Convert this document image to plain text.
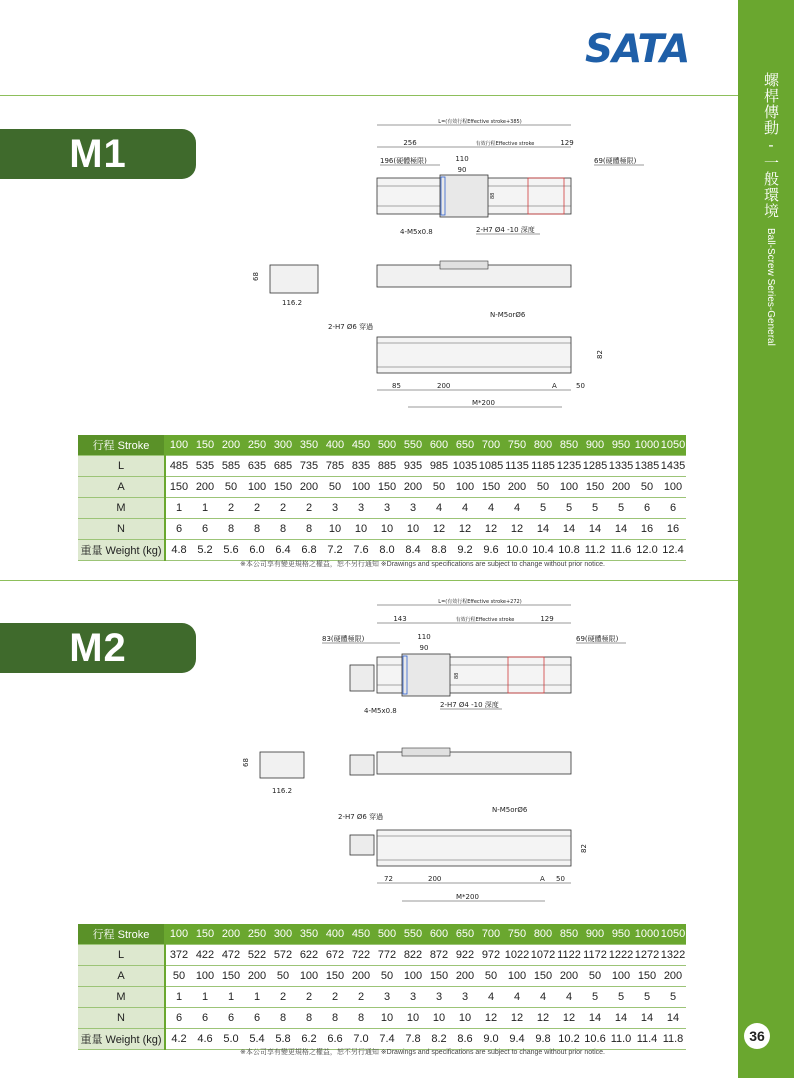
螺桿傳動-一般環境
Ball-Screw Series-General
36
SATA
M1
L=(有效行程Effective stroke+385)
256	有效行程Effective stroke	129
196(硬體極限)	69(硬體極限)
110
90
88
4-M5x0.8	2-H7 Ø4 -10 深度
68
116.2
N-M5orØ6
2-H7 Ø6 穿過
82
85	200	A	50
M*200
行程 Stroke	100	150	200	250	300	350	400	450	500	550	600	650	700	750	800	850	900	950	1000	1050
L	485	535	585	635	685	735	785	835	885	935	985	1035	1085	1135	1185	1235	1285	1335	1385	1435
A	150	200	50	100	150	200	50	100	150	200	50	100	150	200	50	100	150	200	50	100
M	1	1	2	2	2	2	3	3	3	3	4	4	4	4	5	5	5	5	6	6
N	6	6	8	8	8	8	10	10	10	10	12	12	12	12	14	14	14	14	16	16
重量 Weight (kg)	4.8	5.2	5.6	6.0	6.4	6.8	7.2	7.6	8.0	8.4	8.8	9.2	9.6	10.0	10.4	10.8	11.2	11.6	12.0	12.4
※本公司享有變更規格之權益，恕不另行通知 ※Drawings and specifications are subject to change without prior notice.
M2
L=(有效行程Effective stroke+272)
143	有效行程Effective stroke	129
83(硬體極限)	69(硬體極限)
110
90
88
4-M5x0.8
2-H7 Ø4 -10 深度
68
116.2
N-M5orØ6
2-H7 Ø6 穿過
82
72	200	A 50
M*200
行程 Stroke	100	150	200	250	300	350	400	450	500	550	600	650	700	750	800	850	900	950	1000	1050
L	372	422	472	522	572	622	672	722	772	822	872	922	972	1022	1072	1122	1172	1222	1272	1322
A	50	100	150	200	50	100	150	200	50	100	150	200	50	100	150	200	50	100	150	200
M	1	1	1	1	2	2	2	2	3	3	3	3	4	4	4	4	5	5	5	5
N	6	6	6	6	8	8	8	8	10	10	10	10	12	12	12	12	14	14	14	14
重量 Weight (kg)	4.2	4.6	5.0	5.4	5.8	6.2	6.6	7.0	7.4	7.8	8.2	8.6	9.0	9.4	9.8	10.2	10.6	11.0	11.4	11.8
※本公司享有變更規格之權益，恕不另行通知 ※Drawings and specifications are subject to change without prior notice.
